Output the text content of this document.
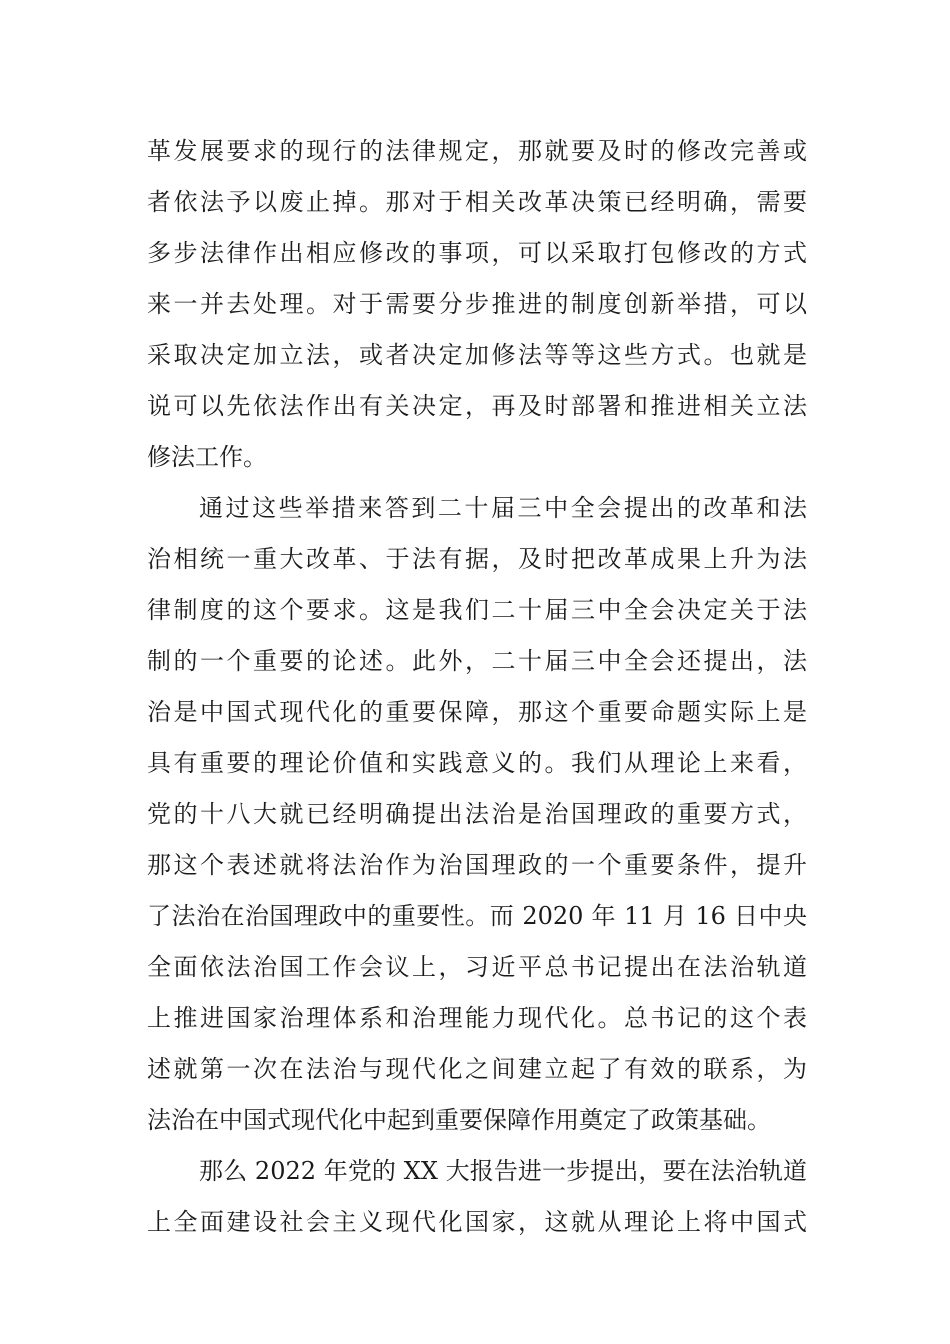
革发展要求的现行的法律规定，那就要及时的修改完善或
者依法予以废止掉。那对于相关改革决策已经明确，需要
多步法律作出相应修改的事项，可以采取打包修改的方式
来一并去处理。对于需要分步推进的制度创新举措，可以
采取决定加立法，或者决定加修法等等这些方式。也就是
说可以先依法作出有关决定，再及时部署和推进相关立法
修法工作。
通过这些举措来答到二十届三中全会提出的改革和法
治相统一重大改革、于法有据，及时把改革成果上升为法
律制度的这个要求。这是我们二十届三中全会决定关于法
制的一个重要的论述。此外，二十届三中全会还提出，法
治是中国式现代化的重要保障，那这个重要命题实际上是
具有重要的理论价值和实践意义的。我们从理论上来看，
党的十八大就已经明确提出法治是治国理政的重要方式，
那这个表述就将法治作为治国理政的一个重要条件，提升
了法治在治国理政中的重要性。而 2020 年 11 月 16 日中央
全面依法治国工作会议上，习近平总书记提出在法治轨道
上推进国家治理体系和治理能力现代化。总书记的这个表
述就第一次在法治与现代化之间建立起了有效的联系，为
法治在中国式现代化中起到重要保障作用奠定了政策基础。
那么 2022 年党的 XX 大报告进一步提出，要在法治轨道
上全面建设社会主义现代化国家，这就从理论上将中国式
